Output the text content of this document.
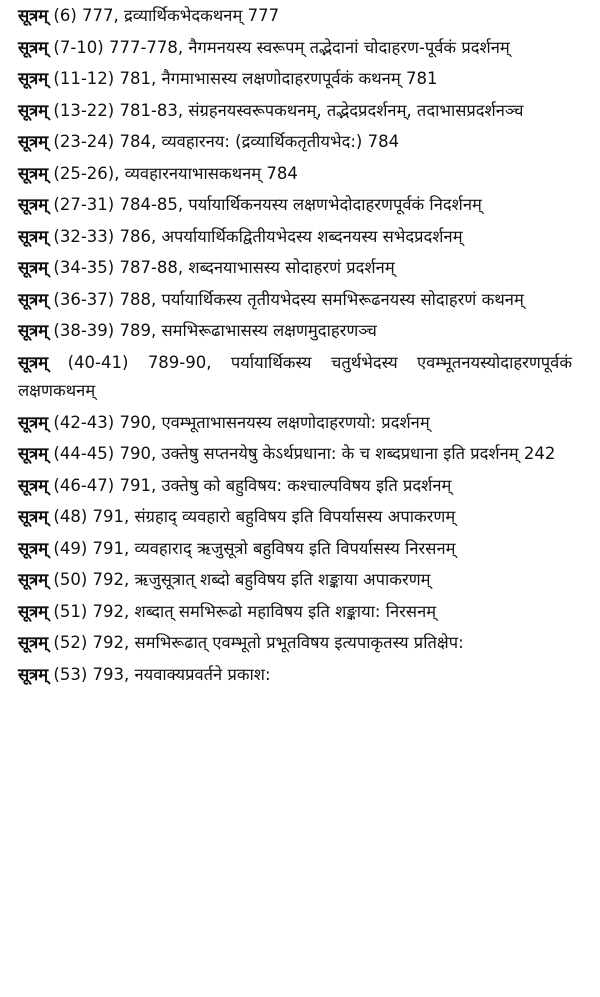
सूत्रम् (6) 777, द्रव्यार्थिकभेदकथनम् 777
सूत्रम् (7-10) 777-778, नैगमनयस्य स्वरूपम् तद्भेदानां चोदाहरण-पूर्वकं प्रदर्शनम्
सूत्रम् (11-12) 781, नैगमाभासस्य लक्षणोदाहरणपूर्वकं कथनम् 781
सूत्रम् (13-22) 781-83, संग्रहनयस्वरूपकथनम्, तद्भेदप्रदर्शनम्, तदाभासप्रदर्शनञ्च
सूत्रम् (23-24) 784, व्यवहारनय: (द्रव्यार्थिकतृतीयभेद:) 784
सूत्रम् (25-26), व्यवहारनयाभासकथनम् 784
सूत्रम् (27-31) 784-85, पर्यायार्थिकनयस्य लक्षणभेदोदाहरणपूर्वकं निदर्शनम्
सूत्रम् (32-33) 786, अपर्यायार्थिकद्वितीयभेदस्य शब्दनयस्य सभेदप्रदर्शनम्
सूत्रम् (34-35) 787-88, शब्दनयाभासस्य सोदाहरणं प्रदर्शनम्
सूत्रम् (36-37) 788, पर्यायार्थिकस्य तृतीयभेदस्य समभिरूढनयस्य सोदाहरणं कथनम्
सूत्रम् (38-39) 789, समभिरूढाभासस्य लक्षणमुदाहरणञ्च
सूत्रम् (40-41) 789-90, पर्यायार्थिकस्य चतुर्थभेदस्य एवम्भूतनयस्योदाहरणपूर्वकं लक्षणकथनम्
सूत्रम् (42-43) 790, एवम्भूताभासनयस्य लक्षणोदाहरणयो: प्रदर्शनम्
सूत्रम् (44-45) 790, उक्तेषु सप्तनयेषु केऽर्थप्रधाना: के च शब्दप्रधाना इति प्रदर्शनम् 242
सूत्रम् (46-47) 791, उक्तेषु को बहुविषय: कश्चाल्पविषय इति प्रदर्शनम्
सूत्रम् (48) 791, संग्रहाद् व्यवहारो बहुविषय इति विपर्यासस्य अपाकरणम्
सूत्रम् (49) 791, व्यवहाराद् ऋजुसूत्रो बहुविषय इति विपर्यासस्य निरसनम्
सूत्रम् (50) 792, ऋजुसूत्रात् शब्दो बहुविषय इति शङ्काया अपाकरणम्
सूत्रम् (51) 792, शब्दात् समभिरूढो महाविषय इति शङ्काया: निरसनम्
सूत्रम् (52) 792, समभिरूढात् एवम्भूतो प्रभूतविषय इत्यपाकृतस्य प्रतिक्षेप:
सूत्रम् (53) 793, नयवाक्यप्रवर्तने प्रकाश:
